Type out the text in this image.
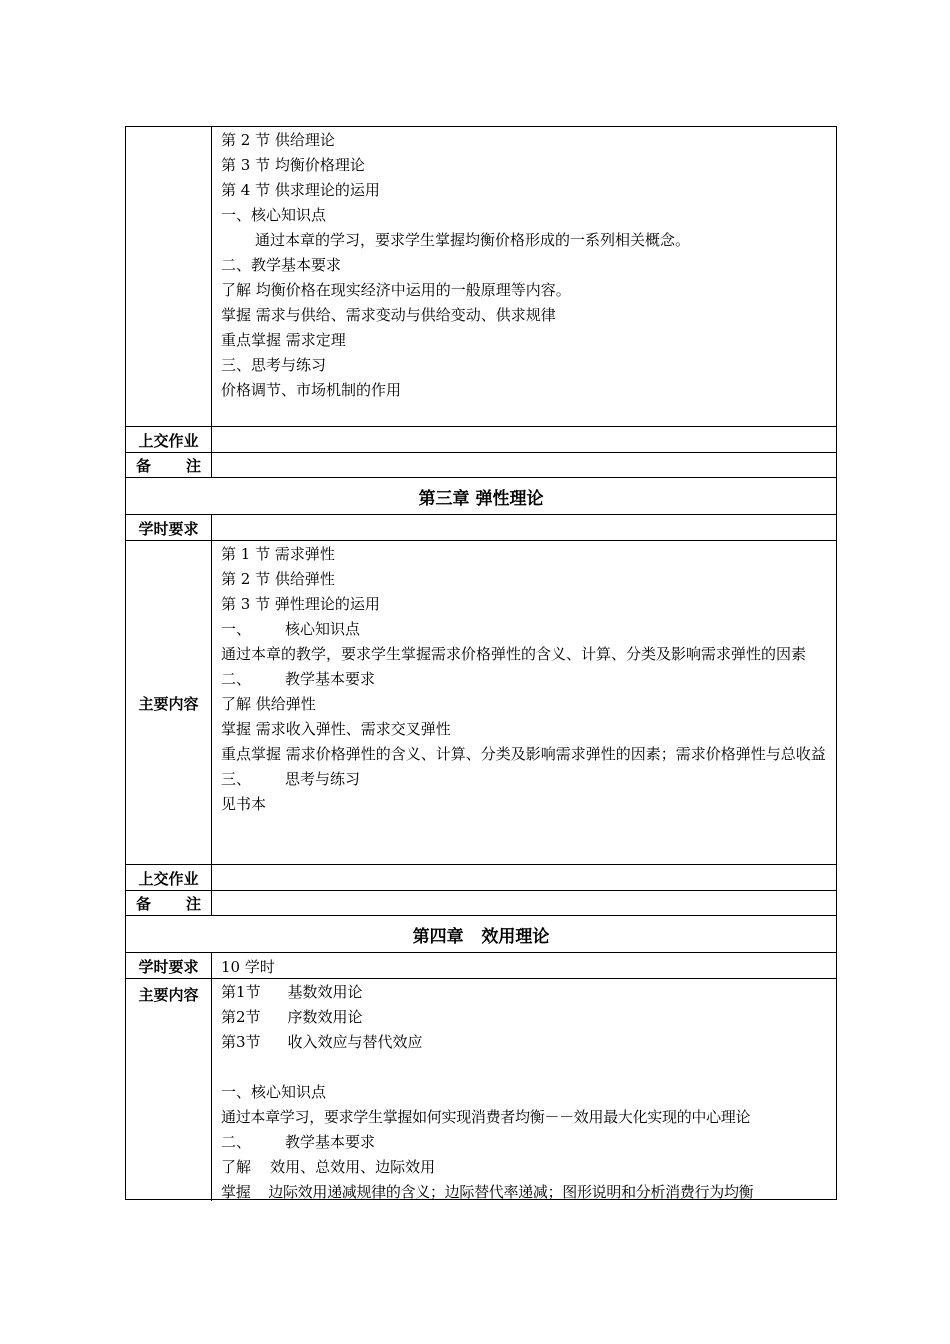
第 2 节 供给理论
第 3 节 均衡价格理论
第 4 节 供求理论的运用
一、核心知识点
通过本章的学习，要求学生掌握均衡价格形成的一系列相关概念。
二、教学基本要求
了解 均衡价格在现实经济中运用的一般原理等内容。
掌握 需求与供给、需求变动与供给变动、供求规律
重点掌握 需求定理
三、思考与练习
价格调节、市场机制的作用
上交作业
备 注
第三章 弹性理论
学时要求
主要内容
第 1 节 需求弹性
第 2 节 供给弹性
第 3 节 弹性理论的运用
一、 核心知识点
通过本章的教学，要求学生掌握需求价格弹性的含义、计算、分类及影响需求弹性的因素
二、 教学基本要求
了解 供给弹性
掌握 需求收入弹性、需求交叉弹性
重点掌握 需求价格弹性的含义、计算、分类及影响需求弹性的因素；需求价格弹性与总收益
三、 思考与练习
见书本
上交作业
备 注
第四章   效用理论
学时要求	10 学时
主要内容	第1节 基数效用论
第2节 序数效用论
第3节 收入效应与替代效应
一、核心知识点
通过本章学习，要求学生掌握如何实现消费者均衡－－效用最大化实现的中心理论
二、 教学基本要求
了解    效用、总效用、边际效用
掌握    边际效用递减规律的含义；边际替代率递减；图形说明和分析消费行为均衡
